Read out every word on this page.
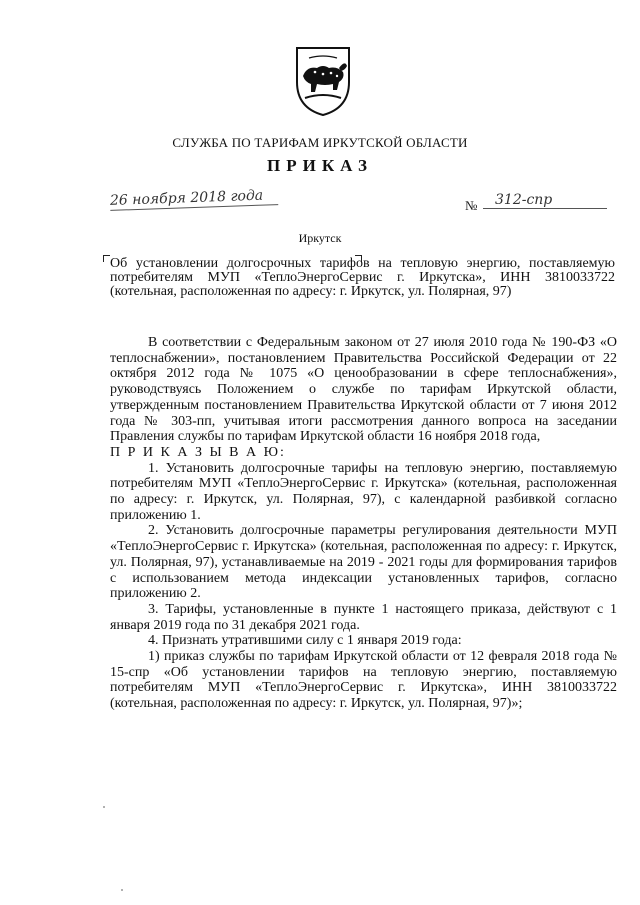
СЛУЖБА ПО ТАРИФАМ ИРКУТСКОЙ ОБЛАСТИ
ПРИКАЗ
26 ноября 2018 года	№	312-спр
Иркутск
Об установлении долгосрочных тарифов на тепловую энергию, поставляемую потребителям МУП «ТеплоЭнергоСервис г. Иркутска», ИНН 3810033722 (котельная, расположенная по адресу: г. Иркутск, ул. Полярная, 97)

В соответствии с Федеральным законом от 27 июля 2010 года № 190-ФЗ «О теплоснабжении», постановлением Правительства Российской Федерации от 22 октября 2012 года № 1075 «О ценообразовании в сфере теплоснабжения», руководствуясь Положением о службе по тарифам Иркутской области, утвержденным постановлением Правительства Иркутской области от 7 июня 2012 года № 303-пп, учитывая итоги рассмотрения данного вопроса на заседании Правления службы по тарифам Иркутской области 16 ноября 2018 года,

П Р И К А З Ы В А Ю:

1. Установить долгосрочные тарифы на тепловую энергию, поставляемую потребителям МУП «ТеплоЭнергоСервис г. Иркутска» (котельная, расположенная по адресу: г. Иркутск, ул. Полярная, 97), с календарной разбивкой согласно приложению 1.

2. Установить долгосрочные параметры регулирования деятельности МУП «ТеплоЭнергоСервис г. Иркутска» (котельная, расположенная по адресу: г. Иркутск, ул. Полярная, 97), устанавливаемые на 2019 - 2021 годы для формирования тарифов с использованием метода индексации установленных тарифов, согласно приложению 2.

3. Тарифы, установленные в пункте 1 настоящего приказа, действуют с 1 января 2019 года по 31 декабря 2021 года.

4. Признать утратившими силу с 1 января 2019 года:

1) приказ службы по тарифам Иркутской области от 12 февраля 2018 года № 15-спр «Об установлении тарифов на тепловую энергию, поставляемую потребителям МУП «ТеплоЭнергоСервис г. Иркутска», ИНН 3810033722 (котельная, расположенная по адресу: г. Иркутск, ул. Полярная, 97)»;
